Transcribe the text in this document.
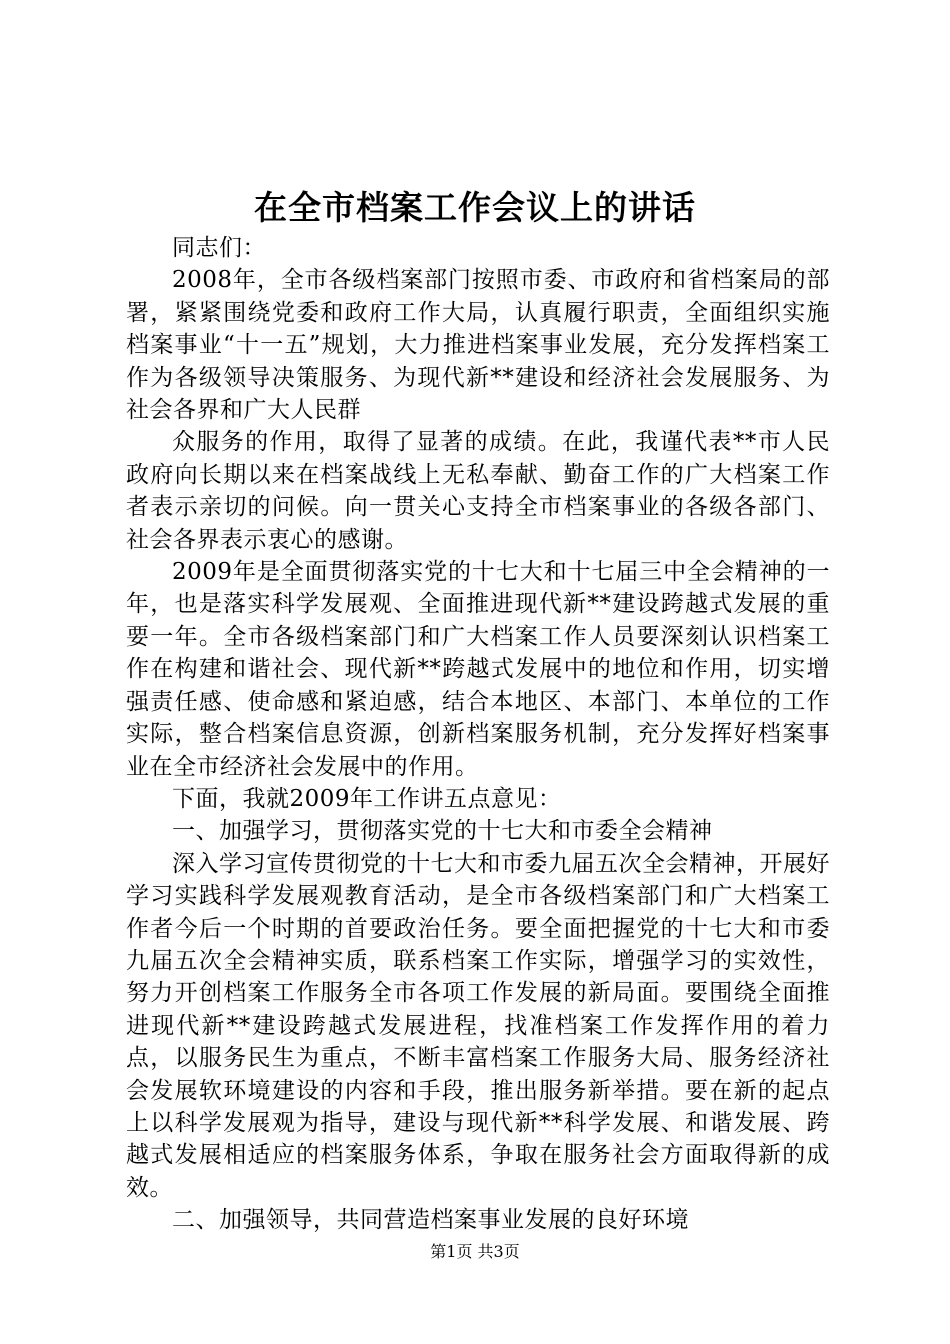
在全市档案工作会议上的讲话

同志们：

2008年，全市各级档案部门按照市委、市政府和省档案局的部署，紧紧围绕党委和政府工作大局，认真履行职责，全面组织实施档案事业“十一五”规划，大力推进档案事业发展，充分发挥档案工作为各级领导决策服务、为现代新**建设和经济社会发展服务、为社会各界和广大人民群

众服务的作用，取得了显著的成绩。在此，我谨代表**市人民政府向长期以来在档案战线上无私奉献、勤奋工作的广大档案工作者表示亲切的问候。向一贯关心支持全市档案事业的各级各部门、社会各界表示衷心的感谢。

2009年是全面贯彻落实党的十七大和十七届三中全会精神的一年，也是落实科学发展观、全面推进现代新**建设跨越式发展的重要一年。全市各级档案部门和广大档案工作人员要深刻认识档案工作在构建和谐社会、现代新**跨越式发展中的地位和作用，切实增强责任感、使命感和紧迫感，结合本地区、本部门、本单位的工作实际，整合档案信息资源，创新档案服务机制，充分发挥好档案事业在全市经济社会发展中的作用。

下面，我就2009年工作讲五点意见：

一、加强学习，贯彻落实党的十七大和市委全会精神

深入学习宣传贯彻党的十七大和市委九届五次全会精神，开展好学习实践科学发展观教育活动，是全市各级档案部门和广大档案工作者今后一个时期的首要政治任务。要全面把握党的十七大和市委九届五次全会精神实质，联系档案工作实际，增强学习的实效性，努力开创档案工作服务全市各项工作发展的新局面。要围绕全面推进现代新**建设跨越式发展进程，找准档案工作发挥作用的着力点，以服务民生为重点，不断丰富档案工作服务大局、服务经济社会发展软环境建设的内容和手段，推出服务新举措。要在新的起点上以科学发展观为指导，建设与现代新**科学发展、和谐发展、跨越式发展相适应的档案服务体系，争取在服务社会方面取得新的成效。

二、加强领导，共同营造档案事业发展的良好环境

第1页 共3页
